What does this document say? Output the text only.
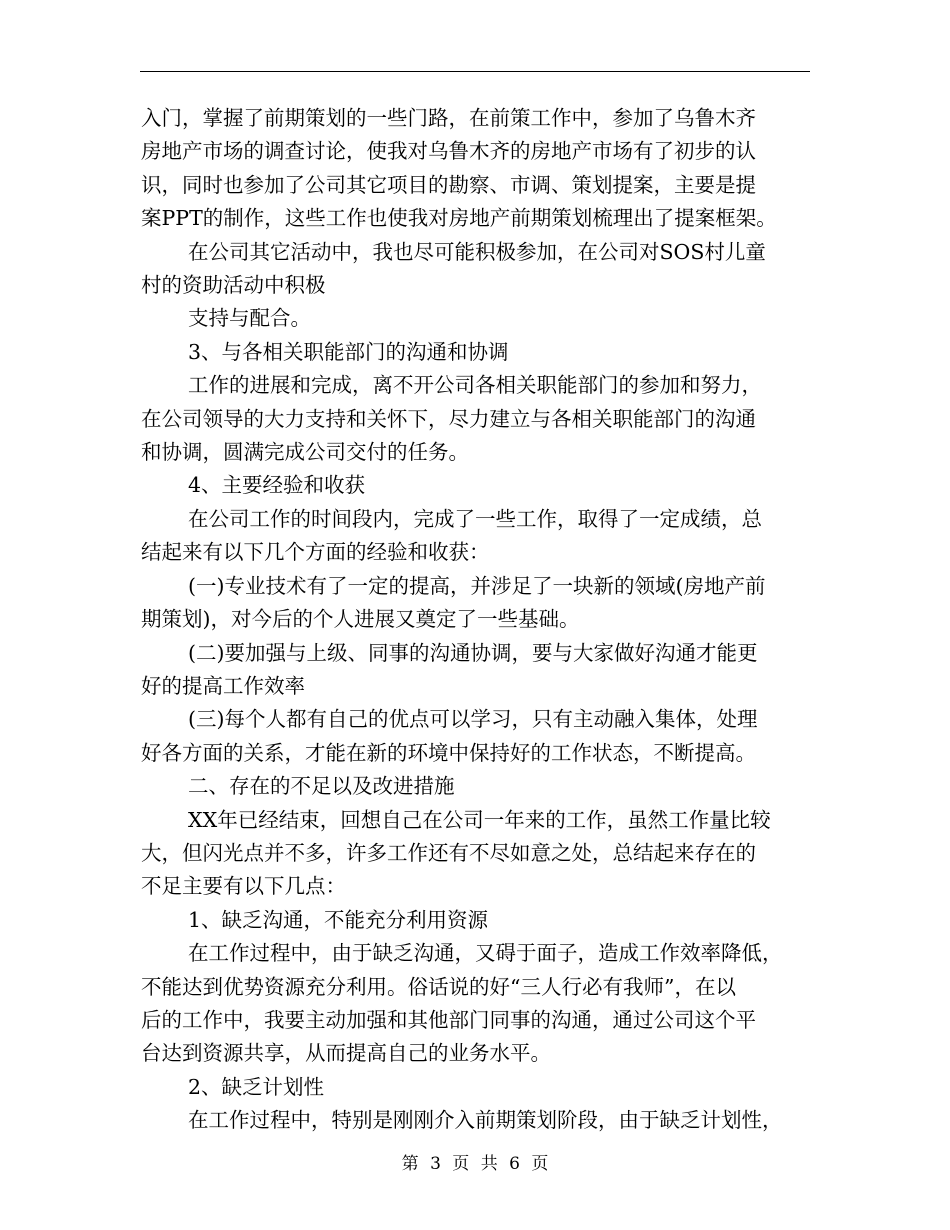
入门，掌握了前期策划的一些门路，在前策工作中，参加了乌鲁木齐

房地产市场的调查讨论，使我对乌鲁木齐的房地产市场有了初步的认

识，同时也参加了公司其它项目的勘察、市调、策划提案，主要是提

案PPT的制作，这些工作也使我对房地产前期策划梳理出了提案框架。

在公司其它活动中，我也尽可能积极参加，在公司对SOS村儿童

村的资助活动中积极

支持与配合。

3、与各相关职能部门的沟通和协调

工作的进展和完成，离不开公司各相关职能部门的参加和努力，

在公司领导的大力支持和关怀下，尽力建立与各相关职能部门的沟通

和协调，圆满完成公司交付的任务。

4、主要经验和收获

在公司工作的时间段内，完成了一些工作，取得了一定成绩，总

结起来有以下几个方面的经验和收获：

(一)专业技术有了一定的提高，并涉足了一块新的领域(房地产前

期策划)，对今后的个人进展又奠定了一些基础。

(二)要加强与上级、同事的沟通协调，要与大家做好沟通才能更

好的提高工作效率

(三)每个人都有自己的优点可以学习，只有主动融入集体，处理

好各方面的关系，才能在新的环境中保持好的工作状态，不断提高。

二、存在的不足以及改进措施

XX年已经结束，回想自己在公司一年来的工作，虽然工作量比较

大，但闪光点并不多，许多工作还有不尽如意之处，总结起来存在的

不足主要有以下几点：

1、缺乏沟通，不能充分利用资源

在工作过程中，由于缺乏沟通，又碍于面子，造成工作效率降低，

不能达到优势资源充分利用。俗话说的好“三人行必有我师”，在以

后的工作中，我要主动加强和其他部门同事的沟通，通过公司这个平

台达到资源共享，从而提高自己的业务水平。

2、缺乏计划性

在工作过程中，特别是刚刚介入前期策划阶段，由于缺乏计划性，

第 3 页 共 6 页
